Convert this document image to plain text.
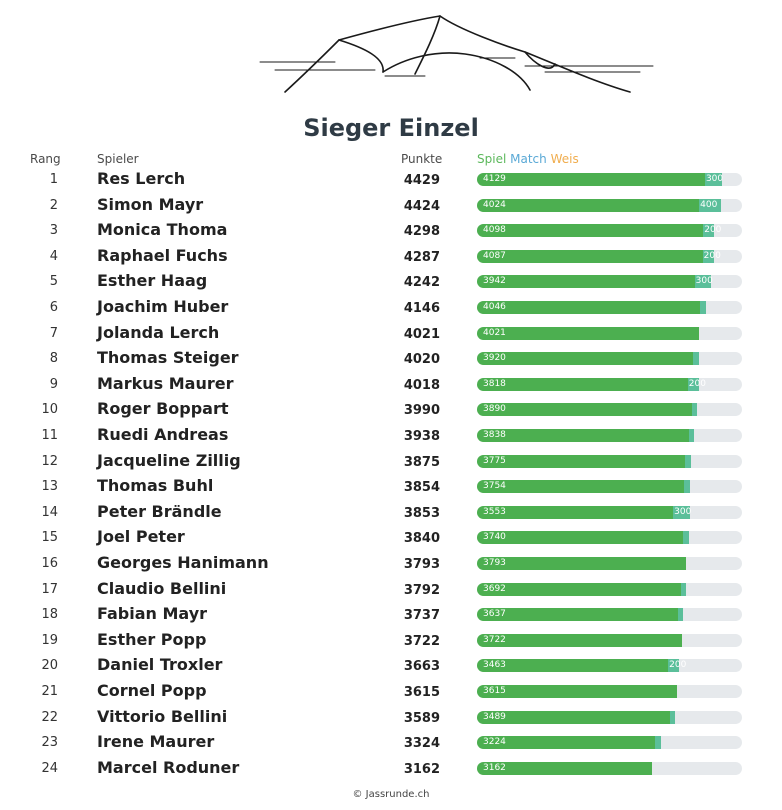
Sieger Einzel
Rang	Spieler	Punkte	Spiel Match Weis
1 Res Lerch	4429	4129	300
2 Simon Mayr	4424	4024	400
3 Monica Thoma	4298	4098	200
4 Raphael Fuchs	4287	4087	200
5 Esther Haag	4242	3942	300
6 Joachim Huber	4146	4046
7 Jolanda Lerch	4021	4021
8 Thomas Steiger	4020	3920
9 Markus Maurer	4018	3818	200
10 Roger Boppart	3990	3890
11 Ruedi Andreas	3938	3838
12 Jacqueline Zillig	3875	3775
13 Thomas Buhl	3854	3754
14 Peter Brändle	3853	3553	300
15 Joel Peter	3840	3740
16 Georges Hanimann	3793	3793
17 Claudio Bellini	3792	3692
18 Fabian Mayr	3737	3637
19 Esther Popp	3722	3722
20 Daniel Troxler	3663	3463	200
21 Cornel Popp	3615	3615
22 Vittorio Bellini	3589	3489
23 Irene Maurer	3324	3224
24 Marcel Roduner	3162	3162
© Jassrunde.ch
